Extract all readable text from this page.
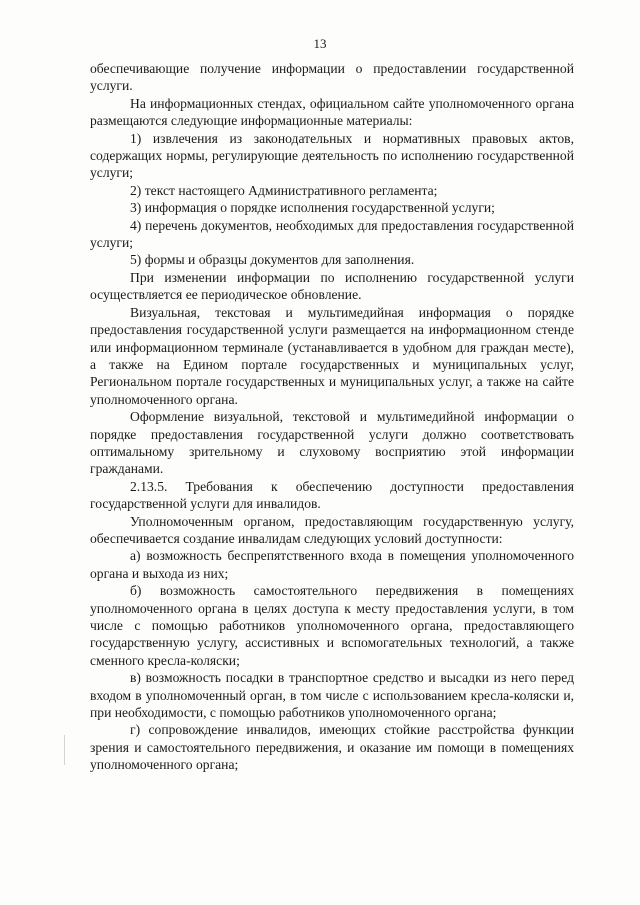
13

обеспечивающие получение информации о предоставлении государственной услуги.

На информационных стендах, официальном сайте уполномоченного органа размещаются следующие информационные материалы:

1) извлечения из законодательных и нормативных правовых актов, содержащих нормы, регулирующие деятельность по исполнению государственной услуги;

2) текст настоящего Административного регламента;

3) информация о порядке исполнения государственной услуги;

4) перечень документов, необходимых для предоставления государственной услуги;

5) формы и образцы документов для заполнения.

При изменении информации по исполнению государственной услуги осуществляется ее периодическое обновление.

Визуальная, текстовая и мультимедийная информация о порядке предоставления государственной услуги размещается на информационном стенде или информационном терминале (устанавливается в удобном для граждан месте), а также на Едином портале государственных и муниципальных услуг, Региональном портале государственных и муниципальных услуг, а также на сайте уполномоченного органа.

Оформление визуальной, текстовой и мультимедийной информации о порядке предоставления государственной услуги должно соответствовать оптимальному зрительному и слуховому восприятию этой информации гражданами.

2.13.5. Требования к обеспечению доступности предоставления государственной услуги для инвалидов.

Уполномоченным органом, предоставляющим государственную услугу, обеспечивается создание инвалидам следующих условий доступности:

а) возможность беспрепятственного входа в помещения уполномоченного органа и выхода из них;

б) возможность самостоятельного передвижения в помещениях уполномоченного органа в целях доступа к месту предоставления услуги, в том числе с помощью работников уполномоченного органа, предоставляющего государственную услугу, ассистивных и вспомогательных технологий, а также сменного кресла-коляски;

в) возможность посадки в транспортное средство и высадки из него перед входом в уполномоченный орган, в том числе с использованием кресла-коляски и, при необходимости, с помощью работников уполномоченного органа;

г) сопровождение инвалидов, имеющих стойкие расстройства функции зрения и самостоятельного передвижения, и оказание им помощи в помещениях уполномоченного органа;
